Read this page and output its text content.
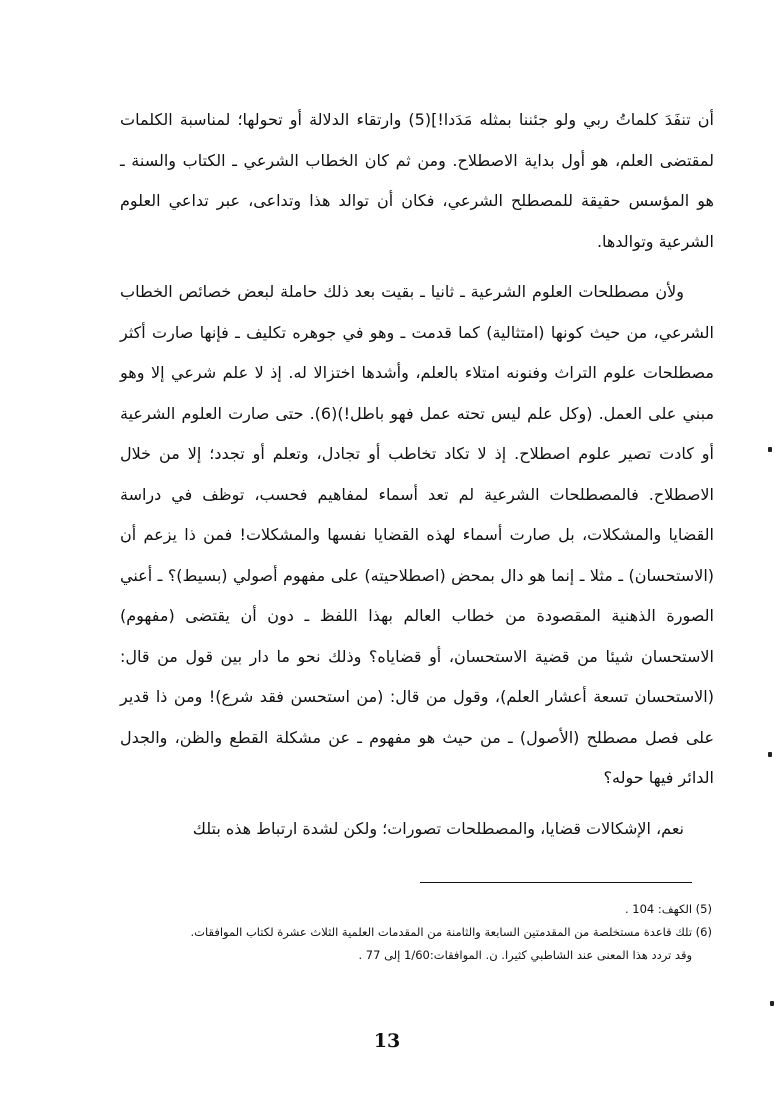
أن تنفَدَ كلماتُ ربي ولو جئننا بمثله مَدَدا!](5) وارتقاء الدلالة أو تحولها؛ لمناسبة الكلمات لمقتضى العلم، هو أول بداية الاصطلاح. ومن ثم كان الخطاب الشرعي ـ الكتاب والسنة ـ هو المؤسس حقيقة للمصطلح الشرعي، فكان أن توالد هذا وتداعى، عبر تداعي العلوم الشرعية وتوالدها.

ولأن مصطلحات العلوم الشرعية ـ ثانيا ـ بقيت بعد ذلك حاملة لبعض خصائص الخطاب الشرعي، من حيث كونها (امتثالية) كما قدمت ـ وهو في جوهره تكليف ـ فإنها صارت أكثر مصطلحات علوم التراث وفنونه امتلاء بالعلم، وأشدها اختزالا له. إذ لا علم شرعي إلا وهو مبني على العمل. (وكل علم ليس تحته عمل فهو باطل!)(6). حتى صارت العلوم الشرعية أو كادت تصير علوم اصطلاح. إذ لا تكاد تخاطب أو تجادل، وتعلم أو تجدد؛ إلا من خلال الاصطلاح. فالمصطلحات الشرعية لم تعد أسماء لمفاهيم فحسب، توظف في دراسة القضايا والمشكلات، بل صارت أسماء لهذه القضايا نفسها والمشكلات! فمن ذا يزعم أن (الاستحسان) ـ مثلا ـ إنما هو دال بمحض (اصطلاحيته) على مفهوم أصولي (بسيط)؟ ـ أعني الصورة الذهنية المقصودة من خطاب العالم بهذا اللفظ ـ دون أن يقتضى (مفهوم) الاستحسان شيئا من قضية الاستحسان، أو قضاياه؟ وذلك نحو ما دار بين قول من قال: (الاستحسان تسعة أعشار العلم)، وقول من قال: (من استحسن فقد شرع)! ومن ذا قدير على فصل مصطلح (الأصول) ـ من حيث هو مفهوم ـ عن مشكلة القطع والظن، والجدل الدائر فيها حوله؟

نعم، الإشكالات قضايا، والمصطلحات تصورات؛ ولكن لشدة ارتباط هذه بتلك

(5) الكهف: 104 .
(6) تلك قاعدة مستخلصة من المقدمتين السابعة والثامنة من المقدمات العلمية الثلاث عشرة لكتاب الموافقات.
وقد تردد هذا المعنى عند الشاطبي كثيرا. ن. الموافقات:1/60 إلى 77 .
13
